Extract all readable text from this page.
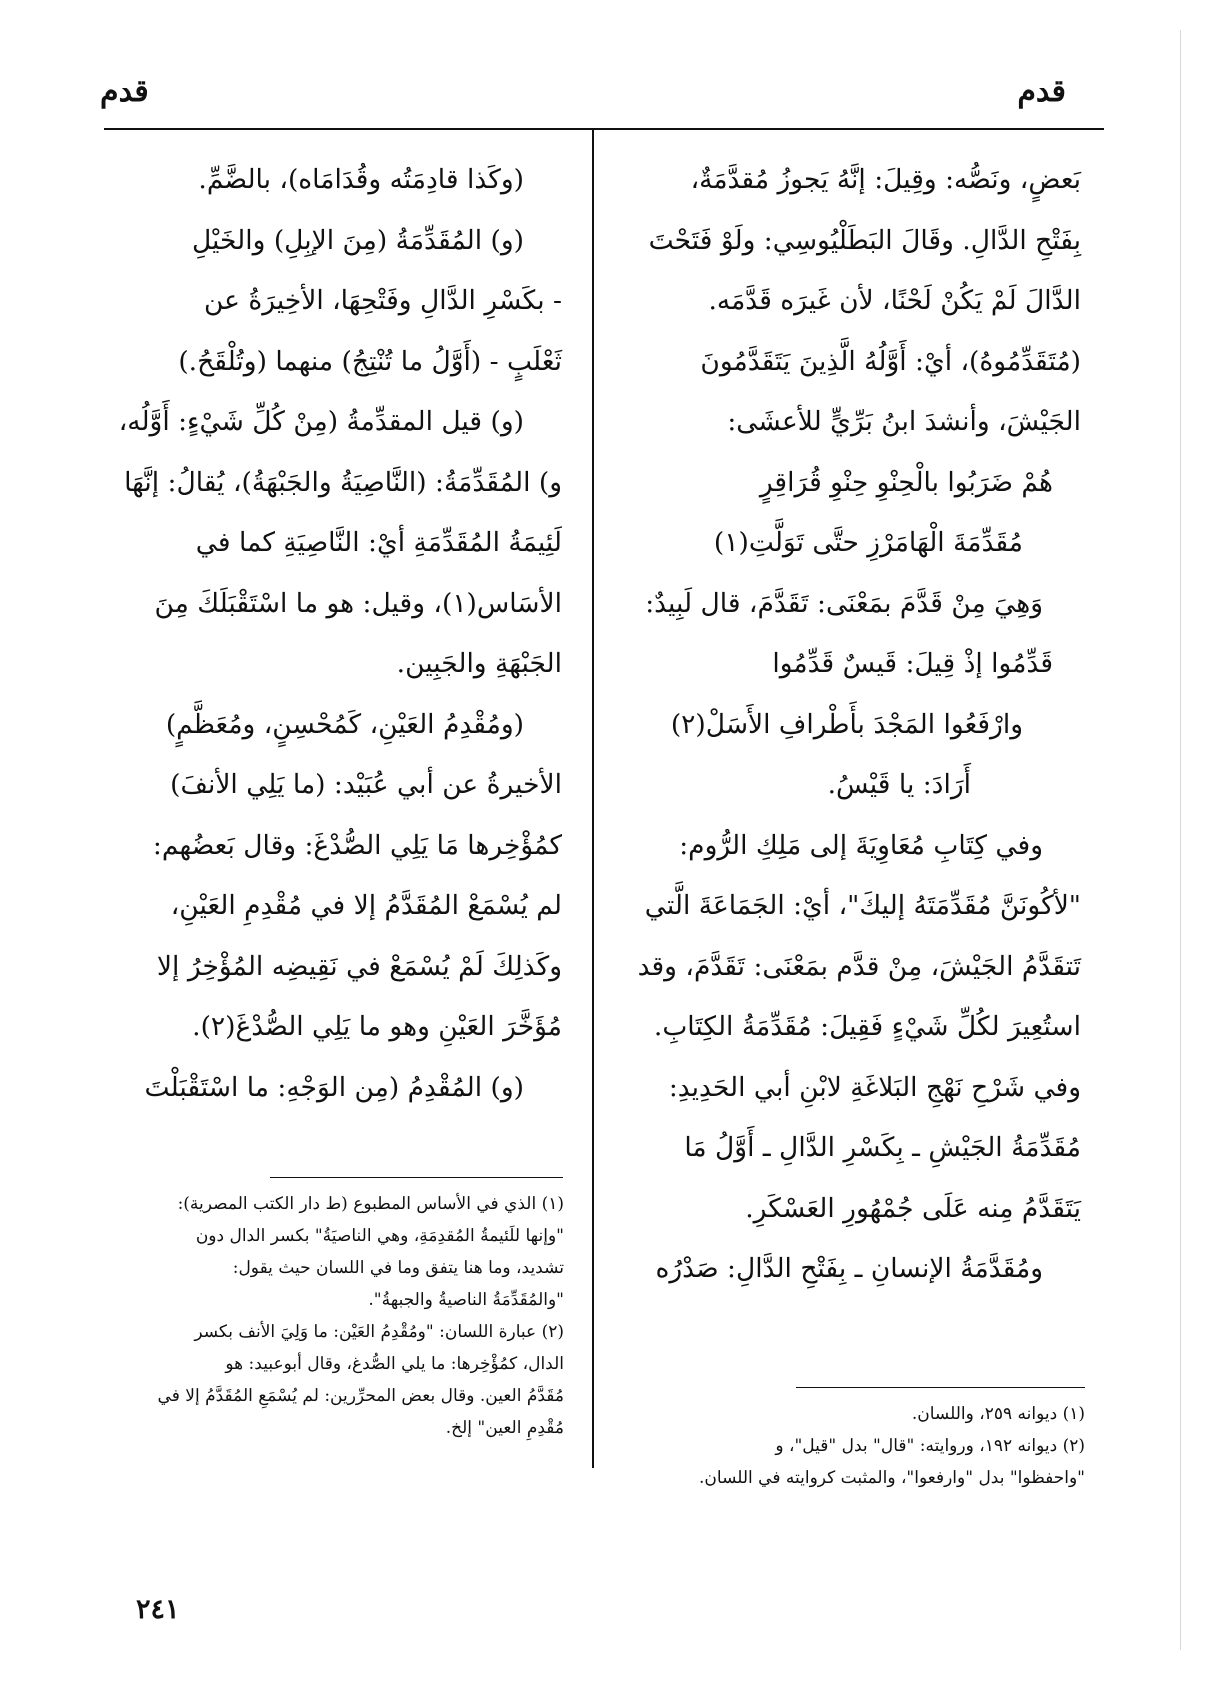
قدم
قدم

بَعضٍ، ونَصُّه: وقِيلَ: إنَّهُ يَجوزُ مُقدَّمَةٌ،

بِفَتْحِ الدَّالِ. وقَالَ البَطَلْيُوسِي: ولَوْ فَتَحْتَ

الدَّالَ لَمْ يَكُنْ لَحْنًا، لأن غَيرَه قَدَّمَه.

(مُتَقَدِّمُوهُ)، أيْ: أَوَّلُهُ الَّذِينَ يَتَقَدَّمُونَ

الجَيْشَ، وأنشدَ ابنُ بَرِّيٍّ للأعشَى:

هُمْ ضَرَبُوا بالْحِنْوِ حِنْوِ قُرَاقِرٍ

مُقَدِّمَةَ الْهَامَرْزِ حتَّى تَوَلَّتِ(١)

وَهِيَ مِنْ قَدَّمَ بمَعْنَى: تَقَدَّمَ، قال لَبِيدٌ:

قَدِّمُوا إذْ قِيلَ: قَيسٌ قَدِّمُوا

وارْفَعُوا المَجْدَ بأَطْرافِ الأَسَلْ(٢)

أَرَادَ: يا قَيْسُ.

وفي كِتَابِ مُعَاوِيَةَ إلى مَلِكِ الرُّوم:

"لأكُونَنَّ مُقَدِّمَتَهُ إليكَ"، أيْ: الجَمَاعَةَ الَّتي

تَتقَدَّمُ الجَيْشَ، مِنْ قدَّم بمَعْنَى: تَقَدَّمَ، وقد

استُعِيرَ لكُلِّ شَيْءٍ فَقِيلَ: مُقَدِّمَةُ الكِتَابِ.

وفي شَرْحِ نَهْجِ البَلاغَةِ لابْنِ أبي الحَدِيدِ:

مُقَدِّمَةُ الجَيْشِ ـ بِكَسْرِ الدَّالِ ـ أَوَّلُ مَا

يَتَقَدَّمُ مِنه عَلَى جُمْهُورِ العَسْكَرِ.

ومُقَدَّمَةُ الإنسانِ ـ بِفَتْحِ الدَّالِ: صَدْرُه

(وكَذا قادِمَتُه وقُدَامَاه)، بالضَّمِّ.

(و) المُقَدِّمَةُ (مِنَ الإبِلِ) والخَيْلِ

- بكَسْرِ الدَّالِ وفَتْحِهَا، الأخِيرَةُ عن

ثَعْلَبٍ - (أَوَّلُ ما تُنْتِجُ) منهما (وتُلْقَحُ.)

(و) قيل المقدِّمةُ (مِنْ كُلِّ شَيْءٍ: أَوَّلُه،

و) المُقَدِّمَةُ: (النَّاصِيَةُ والجَبْهَةُ)، يُقالُ: إنَّهَا

لَئِيمَةُ المُقَدِّمَةِ أيْ: النَّاصِيَةِ كما في

الأسَاس(١)، وقيل: هو ما اسْتَقْبَلَكَ مِنَ

الجَبْهَةِ والجَبِين.

(ومُقْدِمُ العَيْنِ، كَمُحْسِنٍ، ومُعَظَّمٍ)

الأخيرةُ عن أبي عُبَيْد: (ما يَلِي الأنفَ)

كمُؤْخِرها مَا يَلِي الصُّدْغَ: وقال بَعضُهم:

لم يُسْمَعْ المُقَدَّمُ إلا في مُقْدِمِ العَيْنِ،

وكَذلِكَ لَمْ يُسْمَعْ في نَقِيضِه المُؤْخِرُ إلا

مُؤَخَّرَ العَيْنِ وهو ما يَلِي الصُّدْغَ(٢).

(و) المُقْدِمُ (مِن الوَجْهِ: ما اسْتَقْبَلْتَ

(١) ديوانه ٢٥٩، واللسان.

(٢) ديوانه ١٩٢، وروايته: "قال" بدل "قيل"، و

"واحفظوا" بدل "وارفعوا"، والمثبت كروايته في اللسان.

(١) الذي في الأساس المطبوع (ط دار الكتب المصرية):

"وإنها للَئيمةُ المُقدِمَةِ، وهي الناصيَةُ" بكسر الدال دون

تشديد، وما هنا يتفق وما في اللسان حيث يقول:

"والمُقَدِّمَةُ الناصيةُ والجبهةُ".

(٢) عبارة اللسان: "ومُقْدِمُ العَيْن: ما وَلِيَ الأنف بكسر

الدال، كمُؤْخِرها: ما يلي الصُّدغ، وقال أبوعبيد: هو

مُقَدَّمُ العين. وقال بعض المحرِّرين: لم يُسْمَعِ المُقَدَّمُ إلا في

مُقْدِمِ العين" إلخ.

٢٤١
